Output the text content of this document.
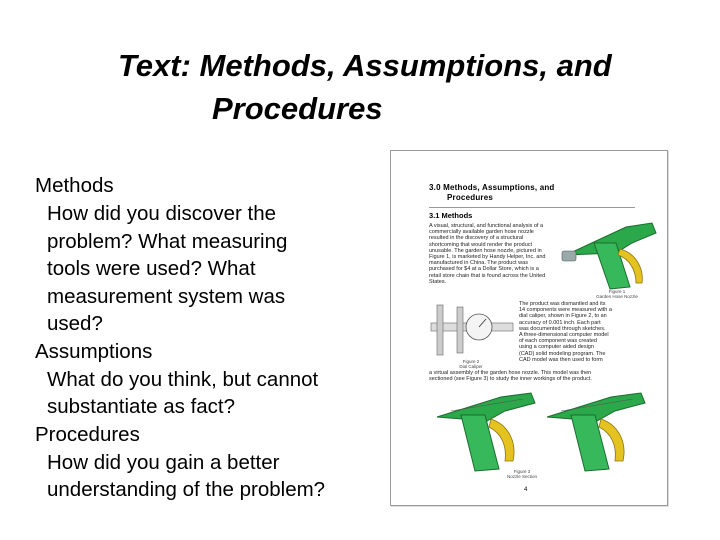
Text: Methods, Assumptions, and
Procedures
Methods
How did you discover the
problem? What measuring
tools were used? What
measurement system was
used?
Assumptions
What do you think, but cannot
substantiate as fact?
Procedures
How did you gain a better
understanding of the problem?
3.0 Methods, Assumptions, and
Procedures
3.1 Methods
A visual, structural, and functional analysis of a
commercially available garden hose nozzle
resulted in the discovery of a structural
shortcoming that would render the product
unusable. The garden hose nozzle, pictured in
Figure 1, is marketed by Handy Helper, Inc. and
manufactured in China. The product was
purchased for $4 at a Dollar Store, which is a
retail store chain that is found across the United
States.
Figure 1
Garden Hose Nozzle
The product was dismantled and its
14 components were measured with a
dial caliper, shown in Figure 2, to an
accuracy of 0.001 inch. Each part
was documented through sketches.
A three-dimensional computer model
of each component was created
using a computer aided design
(CAD) solid modeling program. The
CAD model was then used to form
Figure 2
Dial Caliper
a virtual assembly of the garden hose nozzle. This model was then
sectioned (see Figure 3) to study the inner workings of the product.
Figure 3
Nozzle Section
4
